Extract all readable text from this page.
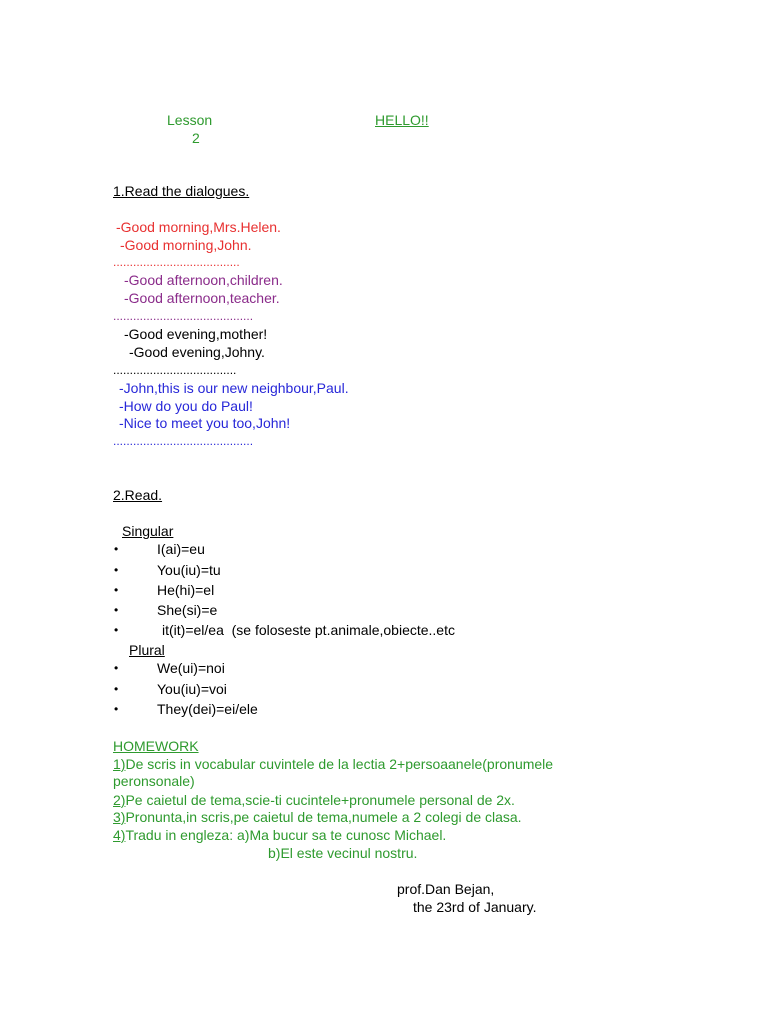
Lesson
2
HELLO!!
1.Read the dialogues.
-Good morning,Mrs.Helen.
-Good morning,John.
......................................
-Good afternoon,children.
-Good afternoon,teacher.
..........................................
-Good evening,mother!
-Good evening,Johny.
.....................................
-John,this is our new neighbour,Paul.
-How do you do Paul!
-Nice to meet you too,John!
..........................................
2.Read.
Singular
•	I(ai)=eu
•	You(iu)=tu
•	He(hi)=el
•	She(si)=e
•	it(it)=el/ea  (se foloseste pt.animale,obiecte..etc
Plural
•	We(ui)=noi
•	You(iu)=voi
•	They(dei)=ei/ele
HOMEWORK
1)De scris in vocabular cuvintele de la lectia 2+persoaanele(pronumele
peronsonale)
2)Pe caietul de tema,scie-ti cucintele+pronumele personal de 2x.
3)Pronunta,in scris,pe caietul de tema,numele a 2 colegi de clasa.
4)Tradu in engleza: a)Ma bucur sa te cunosc Michael.
b)El este vecinul nostru.
prof.Dan Bejan,
the 23rd of January.
